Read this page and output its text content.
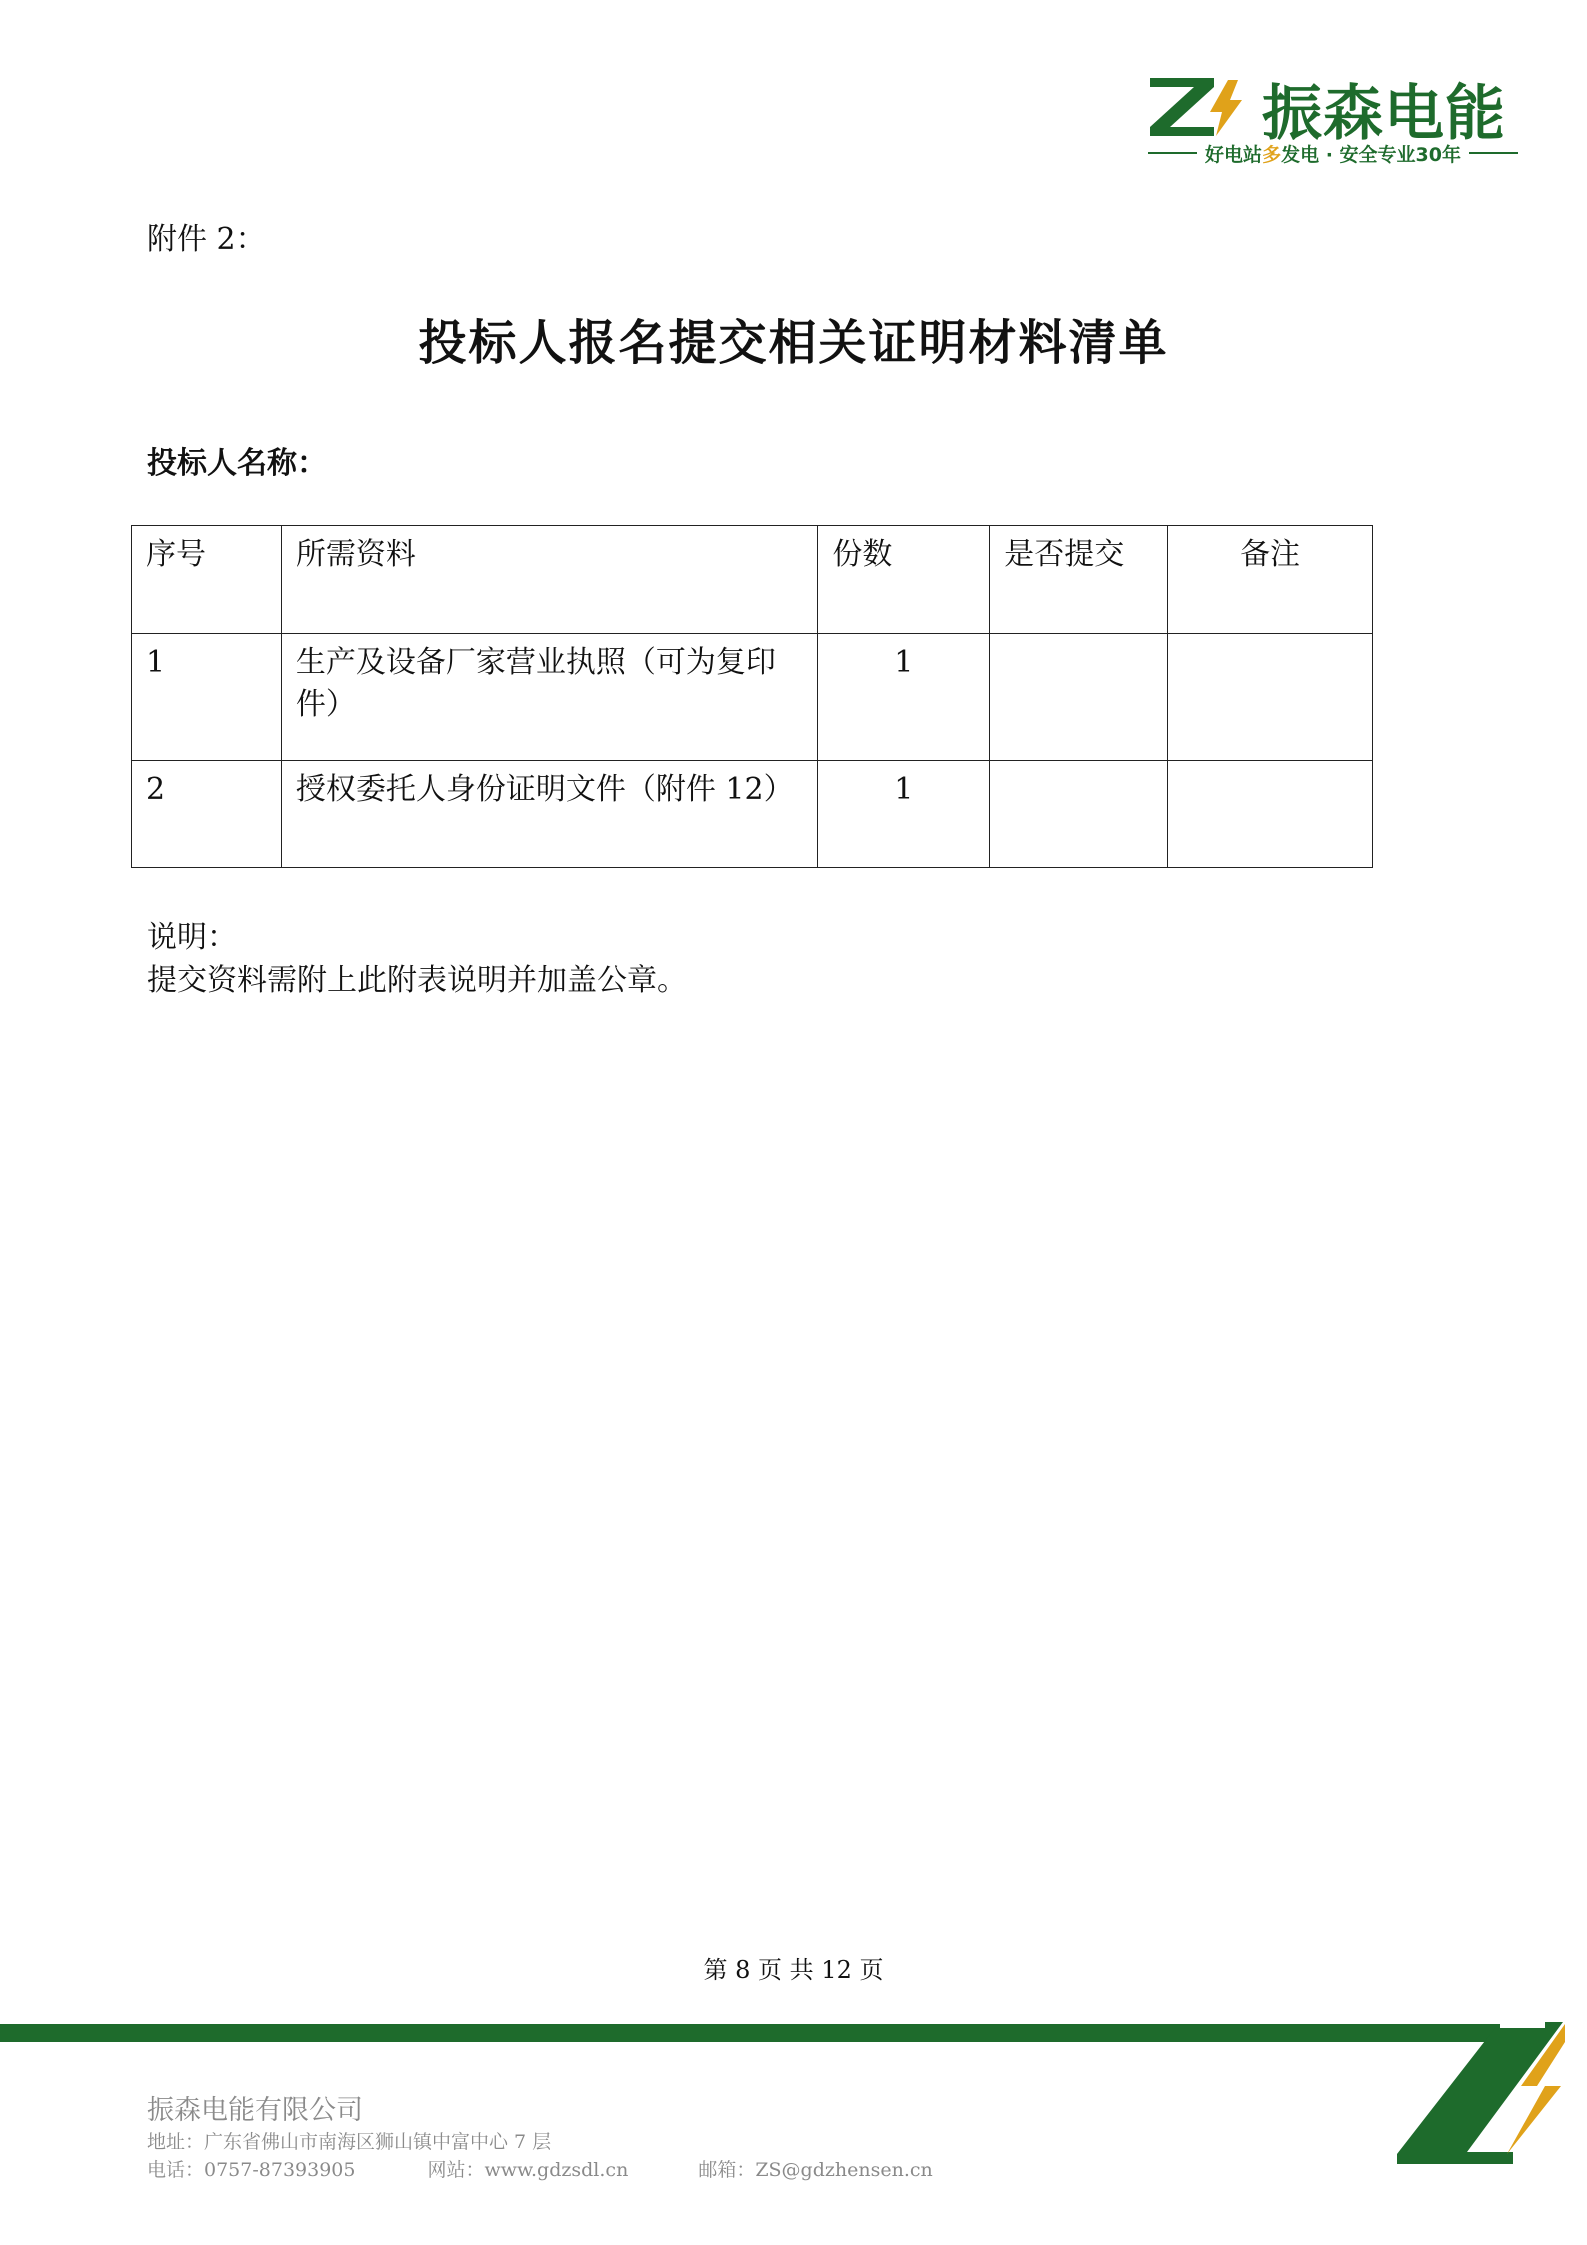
振森电能
好电站多发电 · 安全专业30年
附件 2：
投标人报名提交相关证明材料清单
投标人名称：
序号	所需资料	份数	是否提交	备注
1	生产及设备厂家营业执照（可为复印件）	1		
2	授权委托人身份证明文件（附件 12）	1		
说明：
提交资料需附上此附表说明并加盖公章。
第 8 页 共 12 页
振森电能有限公司
地址：广东省佛山市南海区狮山镇中富中心 7 层
电话：0757-87393905	网站：www.gdzsdl.cn	邮箱：ZS@gdzhensen.cn
